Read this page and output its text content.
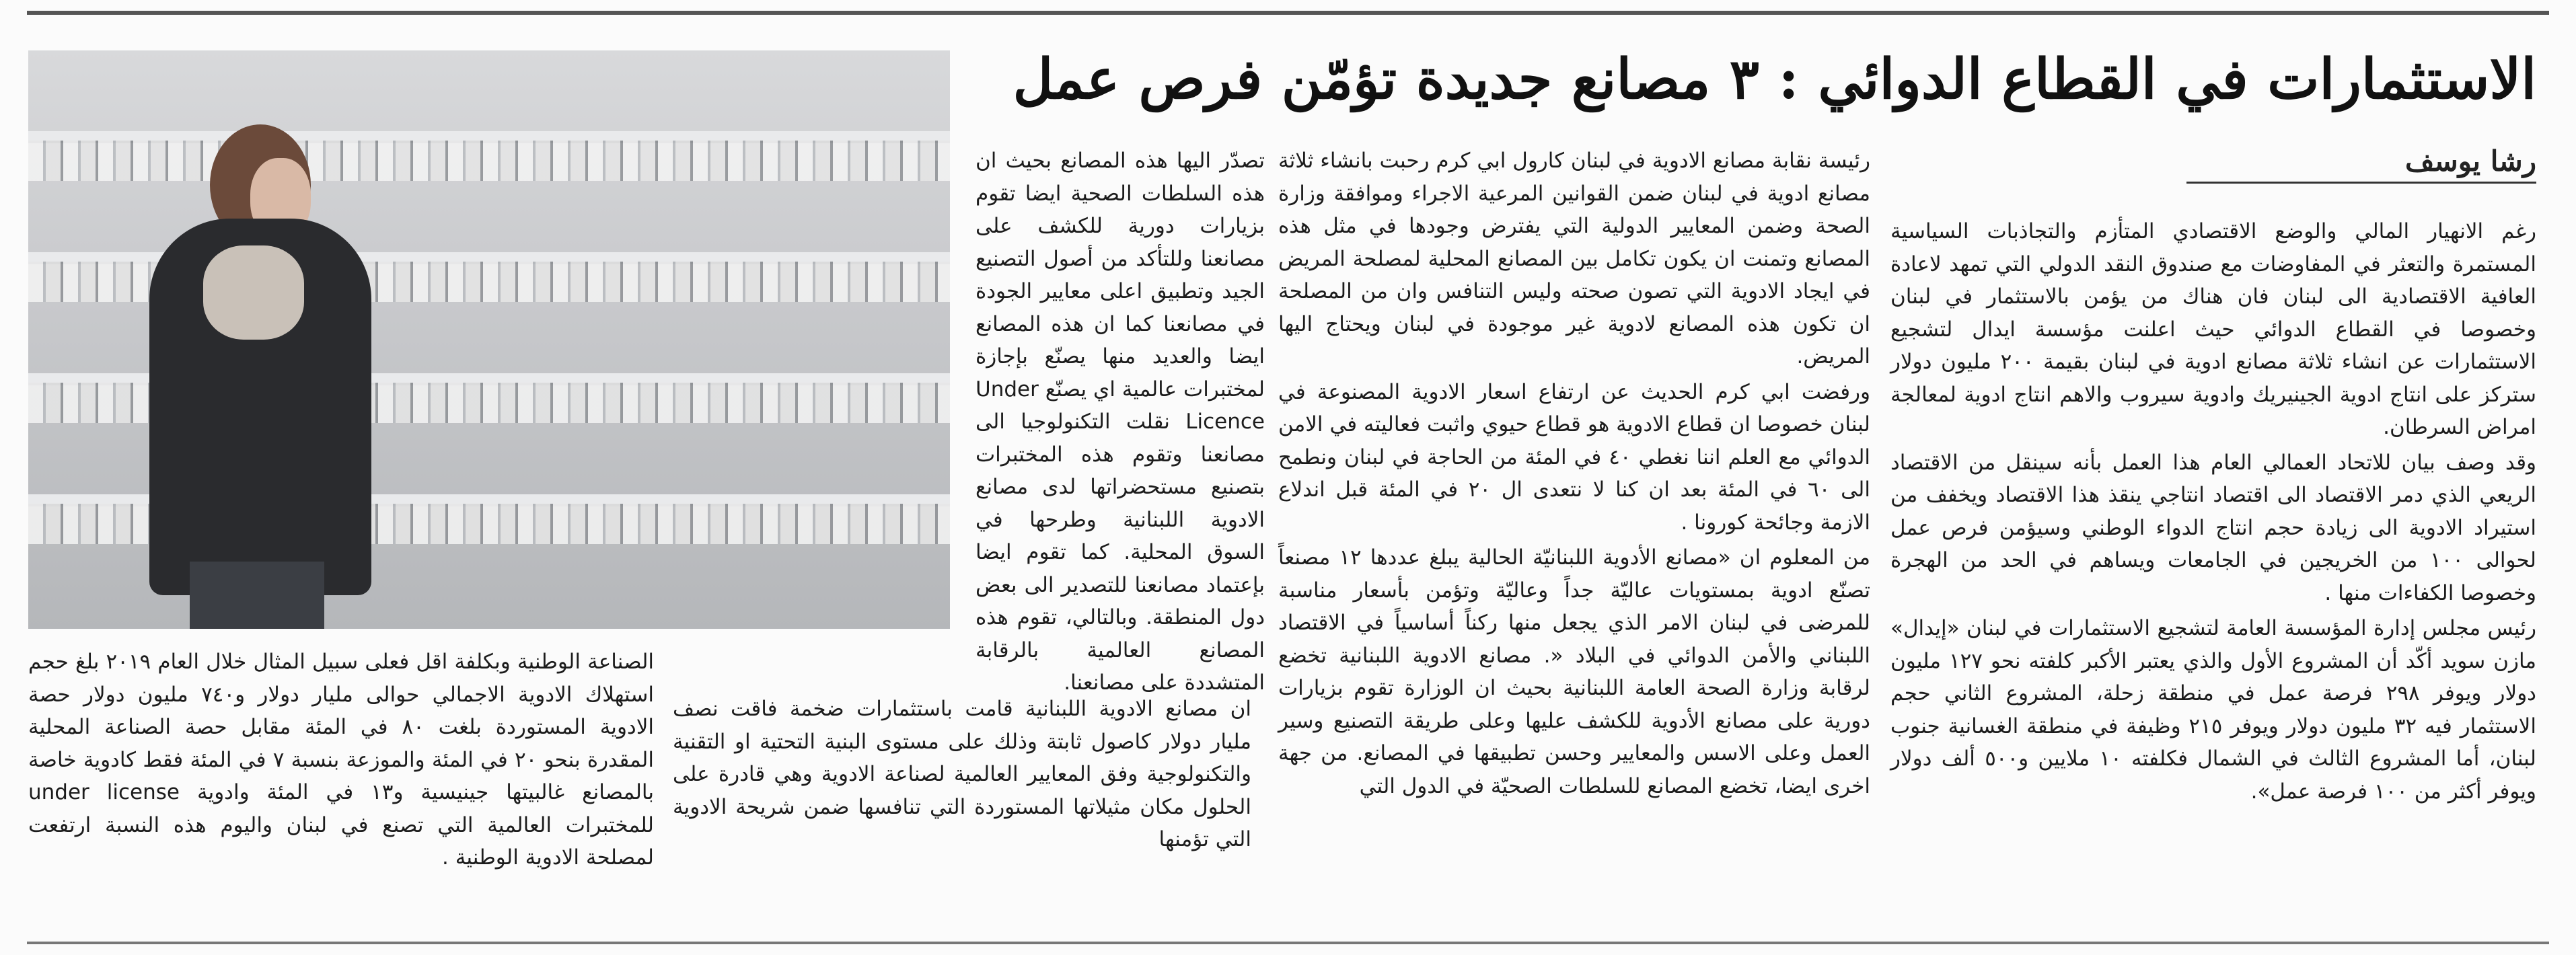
الاستثمارات في القطاع الدوائي : ٣ مصانع جديدة تؤمّن فرص عمل
رشا يوسف

رغم الانهيار المالي والوضع الاقتصادي المتأزم والتجاذبات السياسية المستمرة والتعثر في المفاوضات مع صندوق النقد الدولي التي تمهد لاعادة العافية الاقتصادية الى لبنان فان هناك من يؤمن بالاستثمار في لبنان وخصوصا في القطاع الدوائي حيث اعلنت مؤسسة ايدال لتشجيع الاستثمارات عن انشاء ثلاثة مصانع ادوية في لبنان بقيمة ٢٠٠ مليون دولار ستركز على انتاج ادوية الجينيريك وادوية سيروب والاهم انتاج ادوية لمعالجة امراض السرطان.

وقد وصف بيان للاتحاد العمالي العام هذا العمل بأنه سينقل من الاقتصاد الريعي الذي دمر الاقتصاد الى اقتصاد انتاجي ينقذ هذا الاقتصاد ويخفف من استيراد الادوية الى زيادة حجم انتاج الدواء الوطني وسيؤمن فرص عمل لحوالى ١٠٠ من الخريجين في الجامعات ويساهم في الحد من الهجرة وخصوصا الكفاءات منها .

رئيس مجلس إدارة المؤسسة العامة لتشجيع الاستثمارات في لبنان «إيدال» مازن سويد أكّد أن المشروع الأول والذي يعتبر الأكبر كلفته نحو ١٢٧ مليون دولار ويوفر ٢٩٨ فرصة عمل في منطقة زحلة، المشروع الثاني حجم الاستثمار فيه ٣٢ مليون دولار ويوفر ٢١٥ وظيفة في منطقة الغسانية جنوب لبنان، أما المشروع الثالث في الشمال فكلفته ١٠ ملايين و٥٠٠ ألف دولار ويوفر أكثر من ١٠٠ فرصة عمل».

رئيسة نقابة مصانع الادوية في لبنان كارول ابي كرم رحبت بانشاء ثلاثة مصانع ادوية في لبنان ضمن القوانين المرعية الاجراء وموافقة وزارة الصحة وضمن المعايير الدولية التي يفترض وجودها في مثل هذه المصانع وتمنت ان يكون تكامل بين المصانع المحلية لمصلحة المريض في ايجاد الادوية التي تصون صحته وليس التنافس وان من المصلحة ان تكون هذه المصانع لادوية غير موجودة في لبنان ويحتاج اليها المريض.

ورفضت ابي كرم الحديث عن ارتفاع اسعار الادوية المصنوعة في لبنان خصوصا ان قطاع الادوية هو قطاع حيوي واثبت فعاليته في الامن الدوائي مع العلم اننا نغطي ٤٠ في المئة من الحاجة في لبنان ونطمح الى ٦٠ في المئة بعد ان كنا لا نتعدى ال ٢٠ في المئة قبل اندلاع الازمة وجائحة كورونا .

من المعلوم ان «مصانع الأدوية اللبنانيّة الحالية يبلغ عددها ١٢ مصنعاً تصنّع ادوية بمستويات عاليّة جداً وعاليّة وتؤمن بأسعار مناسبة للمرضى في لبنان الامر الذي يجعل منها ركناً أساسياً في الاقتصاد اللبناني والأمن الدوائي في البلاد «. مصانع الادوية اللبنانية تخضع لرقابة وزارة الصحة العامة اللبنانية بحيث ان الوزارة تقوم بزيارات دورية على مصانع الأدوية للكشف عليها وعلى طريقة التصنيع وسير العمل وعلى الاسس والمعايير وحسن تطبيقها في المصانع. من جهة اخرى ايضا، تخضع المصانع للسلطات الصحيّة في الدول التي

تصدّر اليها هذه المصانع بحيث ان هذه السلطات الصحية ايضا تقوم بزيارات دورية للكشف على مصانعنا وللتأكد من أصول التصنيع الجيد وتطبيق اعلى معايير الجودة في مصانعنا كما ان هذه المصانع ايضا والعديد منها يصنّع بإجازة لمختبرات عالمية اي يصنّع Under Licence نقلت التكنولوجيا الى مصانعنا وتقوم هذه المختبرات بتصنيع مستحضراتها لدى مصانع الادوية اللبنانية وطرحها في السوق المحلية. كما تقوم ايضا بإعتماد مصانعنا للتصدير الى بعض دول المنطقة. وبالتالي، تقوم هذه المصانع العالمية بالرقابة المتشددة على مصانعنا.

ان مصانع الادوية اللبنانية قامت باستثمارات ضخمة فاقت نصف مليار دولار كاصول ثابتة وذلك على مستوى البنية التحتية او التقنية والتكنولوجية وفق المعايير العالمية لصناعة الادوية وهي قادرة على الحلول مكان مثيلاتها المستوردة التي تنافسها ضمن شريحة الادوية التي تؤمنها

الصناعة الوطنية وبكلفة اقل فعلى سبيل المثال خلال العام ٢٠١٩ بلغ حجم استهلاك الادوية الاجمالي حوالى مليار دولار و٧٤٠ مليون دولار حصة الادوية المستوردة بلغت ٨٠ في المئة مقابل حصة الصناعة المحلية المقدرة بنحو ٢٠ في المئة والموزعة بنسبة ٧ في المئة فقط كادوية خاصة بالمصانع غالبيتها جينيسية و١٣ في المئة وادوية under license للمختبرات العالمية التي تصنع في لبنان واليوم هذه النسبة ارتفعت لمصلحة الادوية الوطنية .
